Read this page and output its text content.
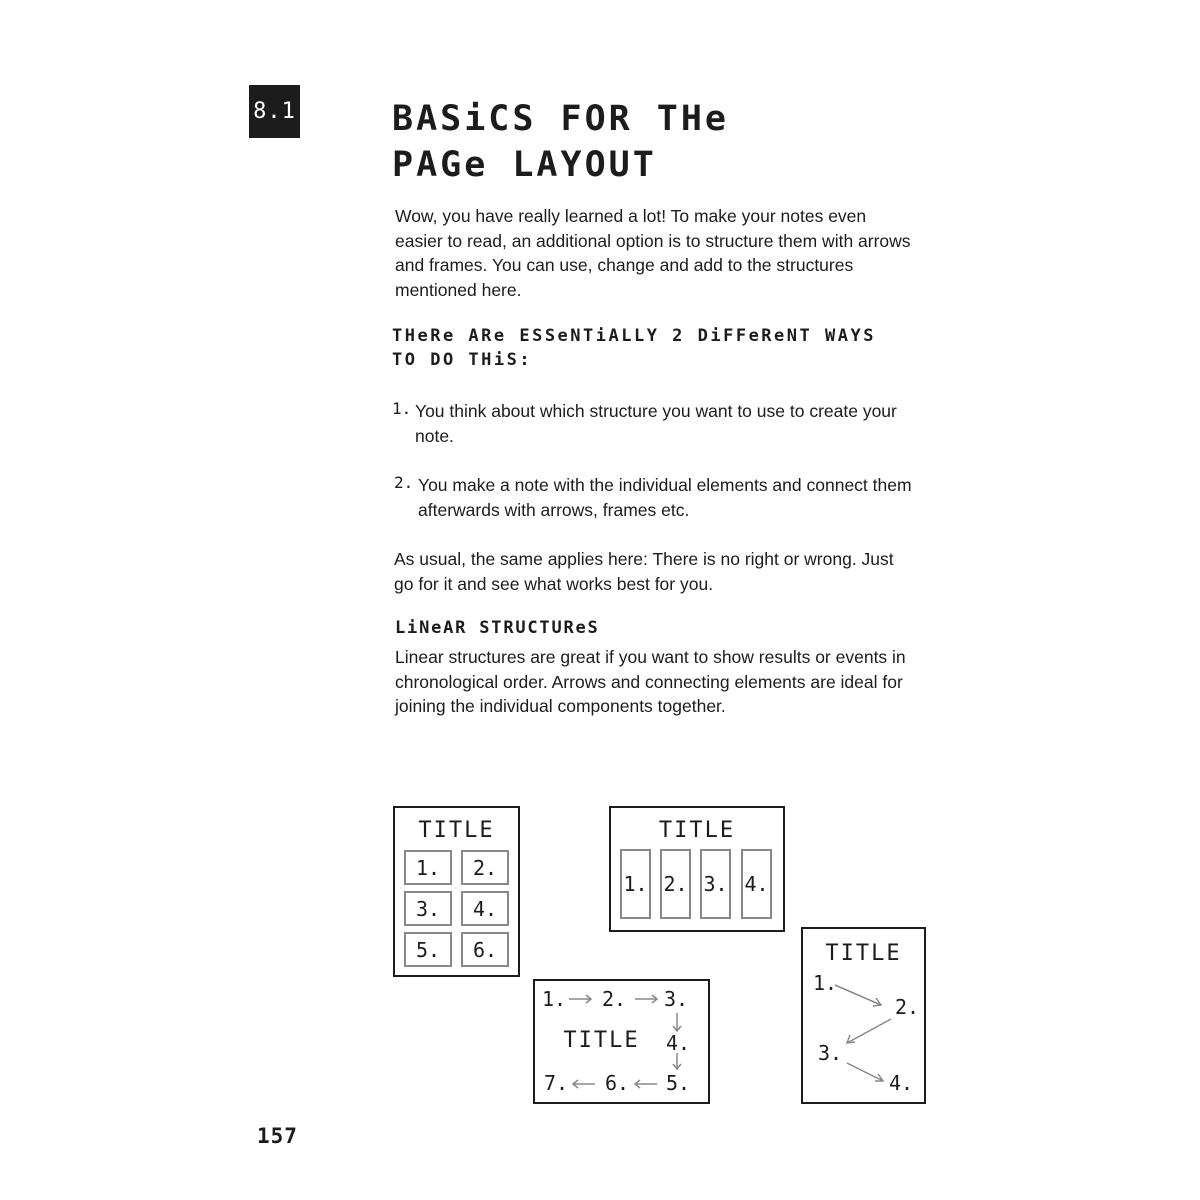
8.1	BASiCS FOR THe
PAGe LAYOUT

Wow, you have really learned a lot! To make your notes even easier to read, an additional option is to structure them with arrows and frames. You can use, change and add to the structures mentioned here.

THeRe ARe ESSeNTiALLY 2 DiFFeReNT WAYS
TO DO THiS:
1. You think about which structure you want to use to create your note.

2. You make a note with the individual elements and connect them afterwards with arrows, frames etc.

As usual, the same applies here: There is no right or wrong. Just go for it and see what works best for you.

LiNeAR STRUCTUReS

Linear structures are great if you want to show results or events in chronological order. Arrows and connecting elements are ideal for joining the individual components together.

TITLE
1.	2.
3.	4.
5.	6.
TITLE
1. 2. 3. 4.
1. 2. 3.
TITLE	4.
5.
6.
7.
TITLE
1.
2.
3.
4.
157
